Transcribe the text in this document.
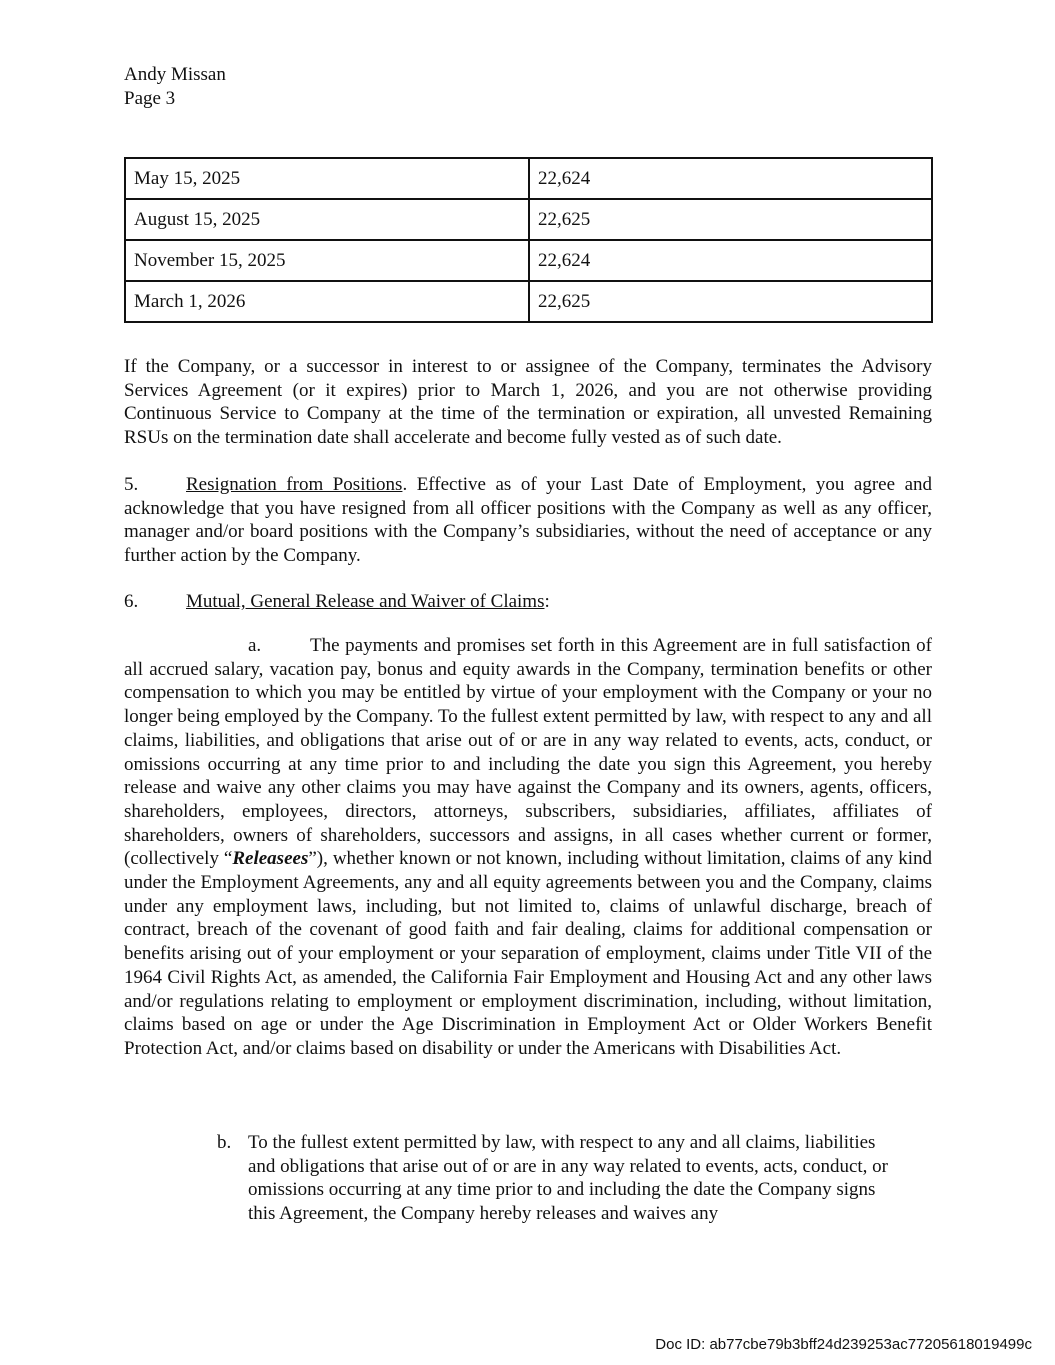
Andy Missan
Page 3
May 15, 2025	22,624
August 15, 2025	22,625
November 15, 2025	22,624
March 1, 2026	22,625
If the Company, or a successor in interest to or assignee of the Company, terminates the Advisory Services Agreement (or it expires) prior to March 1, 2026, and you are not otherwise providing Continuous Service to Company at the time of the termination or expiration, all unvested Remaining RSUs on the termination date shall accelerate and become fully vested as of such date.
5.	Resignation from Positions. Effective as of your Last Date of Employment, you agree and acknowledge that you have resigned from all officer positions with the Company as well as any officer, manager and/or board positions with the Company’s subsidiaries, without the need of acceptance or any further action by the Company.
6.	Mutual, General Release and Waiver of Claims:
a.	The payments and promises set forth in this Agreement are in full satisfaction of all accrued salary, vacation pay, bonus and equity awards in the Company, termination benefits or other compensation to which you may be entitled by virtue of your employment with the Company or your no longer being employed by the Company. To the fullest extent permitted by law, with respect to any and all claims, liabilities, and obligations that arise out of or are in any way related to events, acts, conduct, or omissions occurring at any time prior to and including the date you sign this Agreement, you hereby release and waive any other claims you may have against the Company and its owners, agents, officers, shareholders, employees, directors, attorneys, subscribers, subsidiaries, affiliates, affiliates of shareholders, owners of shareholders, successors and assigns, in all cases whether current or former, (collectively “Releasees”), whether known or not known, including without limitation, claims of any kind under the Employment Agreements, any and all equity agreements between you and the Company, claims under any employment laws, including, but not limited to, claims of unlawful discharge, breach of contract, breach of the covenant of good faith and fair dealing, claims for additional compensation or benefits arising out of your employment or your separation of employment, claims under Title VII of the 1964 Civil Rights Act, as amended, the California Fair Employment and Housing Act and any other laws and/or regulations relating to employment or employment discrimination, including, without limitation, claims based on age or under the Age Discrimination in Employment Act or Older Workers Benefit Protection Act, and/or claims based on disability or under the Americans with Disabilities Act.
b. To the fullest extent permitted by law, with respect to any and all claims, liabilities and obligations that arise out of or are in any way related to events, acts, conduct, or omissions occurring at any time prior to and including the date the Company signs this Agreement, the Company hereby releases and waives any
Doc ID: ab77cbe79b3bff24d239253ac77205618019499c
